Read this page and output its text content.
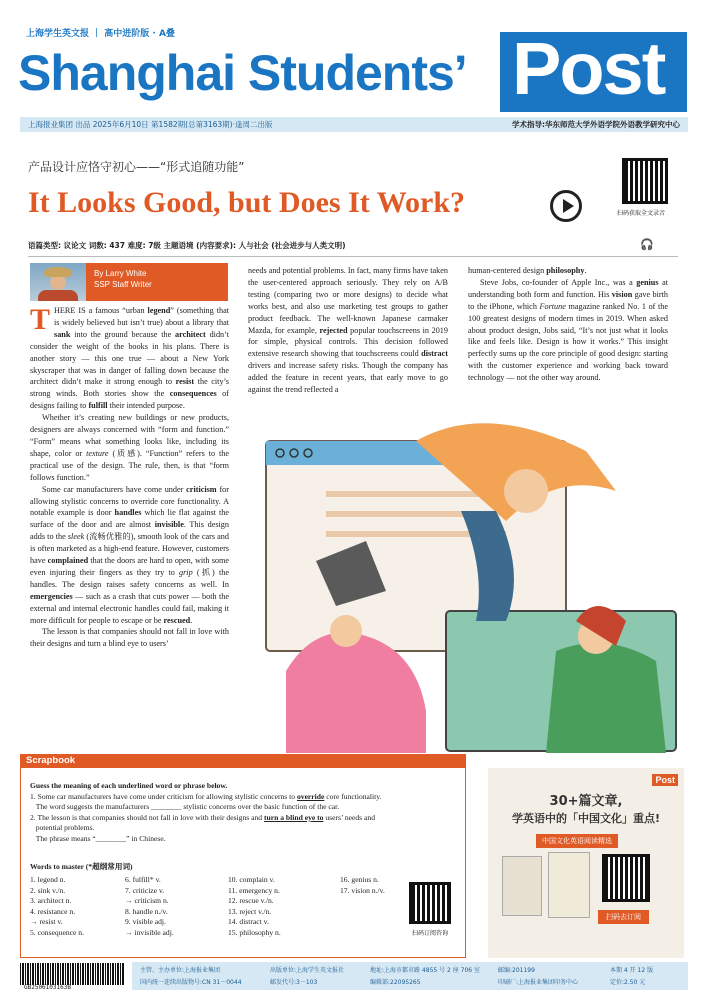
上海学生英文报 ｜ 高中进阶版 · A叠
Shanghai Students’ Post
上海报业集团 出品 2025年6月10日 第1582期(总第3163期)·逢周二出版	学术指导:华东师范大学外语学院外语教学研究中心
产品设计应恪守初心——“形式追随功能”
It Looks Good, but Does It Work?	扫码获取全文录音
语篇类型: 议论文 词数: 437 难度: 7级 主题语境 (内容要求): 人与社会 (社会进步与人类文明)	🎧
By Larry White
SSP Staff Writer

THERE IS a famous “urban legend” (something that is widely believed but isn’t true) about a library that sank into the ground because the architect didn’t consider the weight of the books in his plans. There is another story — this one true — about a New York skyscraper that was in danger of falling down because the architect didn’t make it strong enough to resist the city’s strong winds. Both stories show the consequences of designs failing to fulfill their intended purpose.

Whether it’s creating new buildings or new products, designers are always concerned with “form and function.” “Form” means what something looks like, including its shape, color or texture (质感). “Function” refers to the practical use of the design. The rule, then, is that “form follows function.”

Some car manufacturers have come under criticism for allowing stylistic concerns to override core functionality. A notable example is door handles which lie flat against the surface of the door and are almost invisible. This design adds to the sleek (流畅优雅的), smooth look of the cars and is often marketed as a high-end feature. However, customers have complained that the doors are hard to open, with some even injuring their fingers as they try to grip (抓) the handles. The design raises safety concerns as well. In emergencies — such as a crash that cuts power — both the external and internal electronic handles could fail, making it more difficult for people to escape or be rescued.

The lesson is that companies should not fall in love with their designs and turn a blind eye to users’

needs and potential problems. In fact, many firms have taken the user-centered approach seriously. They rely on A/B testing (comparing two or more designs) to decide what works best, and also use marketing test groups to gather product feedback. The well-known Japanese carmaker Mazda, for example, rejected popular touchscreens in 2019 for simple, physical controls. This decision followed extensive research showing that touchscreens could distract drivers and increase safety risks. Though the company has added the feature in recent years, that early move to go against the trend reflected a

human-centered design philosophy.

Steve Jobs, co-founder of Apple Inc., was a genius at understanding both form and function. His vision gave birth to the iPhone, which Fortune magazine ranked No. 1 of the 100 greatest designs of modern times in 2019. When asked about product design, Jobs said, “It’s not just what it looks like and feels like. Design is how it works.” This insight perfectly sums up the core principle of good design: starting with the customer experience and working back toward technology — not the other way around.

Scrapbook
Guess the meaning of each underlined word or phrase below.
1. Some car manufacturers have come under criticism for allowing stylistic concerns to override core functionality.
The word suggests the manufacturers ________ stylistic concerns over the basic function of the car.
2. The lesson is that companies should not fall in love with their designs and turn a blind eye to users’ needs and
potential problems.
The phrase means “________” in Chinese.
Words to master (*超纲常用词)
1. legend n.
2. sink v./n.
3. architect n.
4. resistance n.
→ resist v.
5. consequence n.
6. fulfill* v.
7. criticize v.
→ criticism n.
8. handle n./v.
9. visible adj.
→ invisible adj.
10. complain v.
11. emergency n.
12. rescue v./n.
13. reject v./n.
14. distract v.
15. philosophy n.
16. genius n.
17. vision n./v.
扫码订阅咨询
Post
30+篇文章,
学英语中的「中国文化」重点!
中国文化英语阅读精选
扫码去订阅
GB2506103163B
主管、主办单位:上海报业集团
国内统一连续出版物号:CN 31－0044
出版单位:上海学生英文报社
邮发代号:3－103
地址:上海市都市路 4855 号 2 座 706 室
编辑部:22095265
邮编:201199
印刷厂:上海报业集团印务中心
本期 4 开 12 版
定价:2.50 元
